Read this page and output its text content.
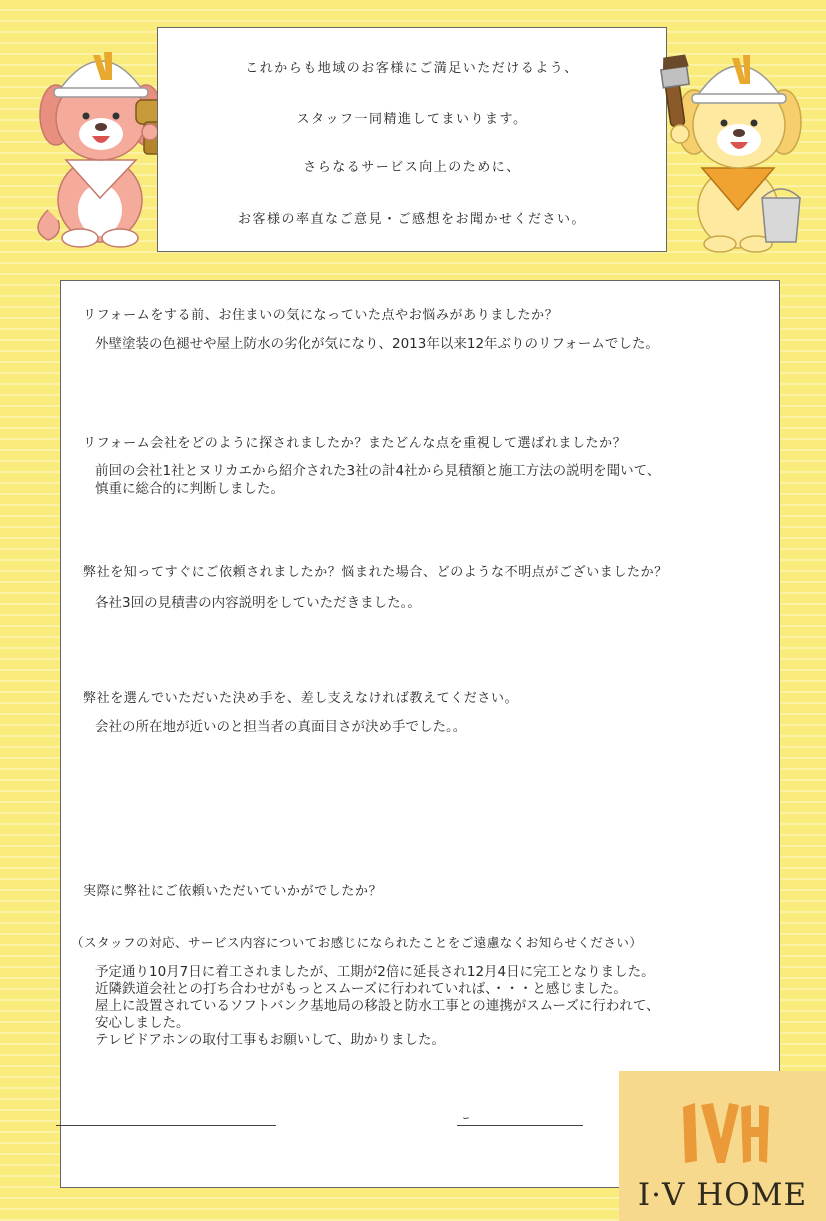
これからも地域のお客様にご満足いただけるよう、
スタッフ一同精進してまいります。
さらなるサービス向上のために、
お客様の率直なご意見・ご感想をお聞かせください。
リフォームをする前、お住まいの気になっていた点やお悩みがありましたか？
外壁塗装の色褪せや屋上防水の劣化が気になり、2013年以来12年ぶりのリフォームでした。
リフォーム会社をどのように探されましたか？またどんな点を重視して選ばれましたか？
前回の会社1社とヌリカエから紹介された3社の計4社から見積額と施工方法の説明を聞いて、
慎重に総合的に判断しました。
弊社を知ってすぐにご依頼されましたか？悩まれた場合、どのような不明点がございましたか？
各社3回の見積書の内容説明をしていただきました。。
弊社を選んでいただいた決め手を、差し支えなければ教えてください。
会社の所在地が近いのと担当者の真面目さが決め手でした。。
実際に弊社にご依頼いただいていかがでしたか？
（スタッフの対応、サービス内容についてお感じになられたことをご遠慮なくお知らせください）
予定通り10月7日に着工されましたが、工期が2倍に延長され12月4日に完工となりました。
近隣鉄道会社との打ち合わせがもっとスムーズに行われていれば、・・・と感じました。
屋上に設置されているソフトバンク基地局の移設と防水工事との連携がスムーズに行われて、
安心しました。
テレビドアホンの取付工事もお願いして、助かりました。
ｰ
I·V HOME
